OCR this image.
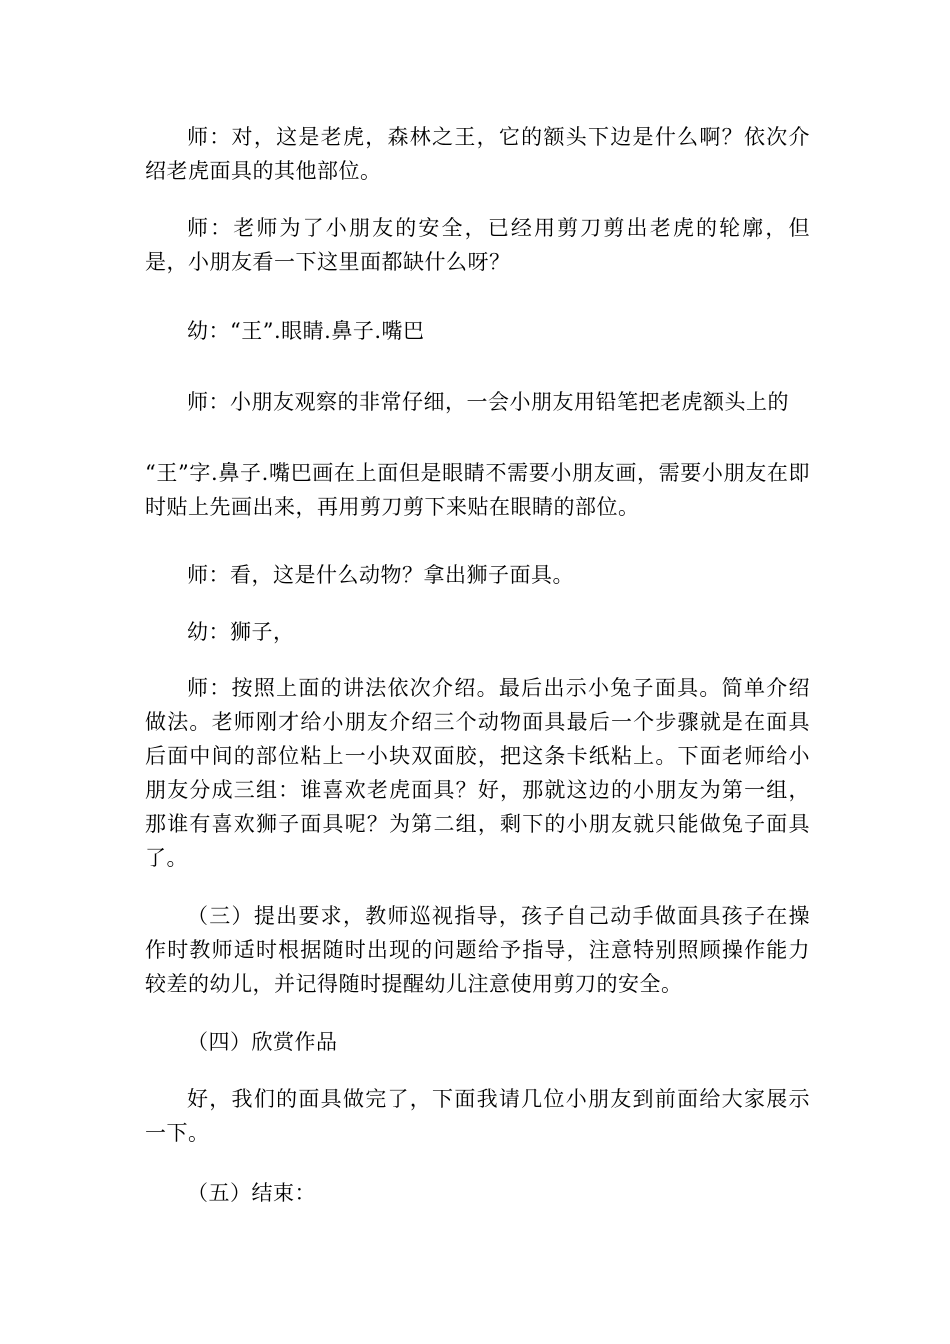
师：对，这是老虎，森林之王，它的额头下边是什么啊？依次介绍老虎面具的其他部位。

师：老师为了小朋友的安全，已经用剪刀剪出老虎的轮廓，但是，小朋友看一下这里面都缺什么呀？

幼：“王”.眼睛.鼻子.嘴巴

师：小朋友观察的非常仔细，一会小朋友用铅笔把老虎额头上的

“王”字.鼻子.嘴巴画在上面但是眼睛不需要小朋友画，需要小朋友在即时贴上先画出来，再用剪刀剪下来贴在眼睛的部位。

师：看，这是什么动物？拿出狮子面具。

幼：狮子，

师：按照上面的讲法依次介绍。最后出示小兔子面具。简单介绍做法。老师刚才给小朋友介绍三个动物面具最后一个步骤就是在面具后面中间的部位粘上一小块双面胶，把这条卡纸粘上。下面老师给小朋友分成三组：谁喜欢老虎面具？好，那就这边的小朋友为第一组，那谁有喜欢狮子面具呢？为第二组，剩下的小朋友就只能做兔子面具了。

（三）提出要求，教师巡视指导，孩子自己动手做面具孩子在操作时教师适时根据随时出现的问题给予指导，注意特别照顾操作能力较差的幼儿，并记得随时提醒幼儿注意使用剪刀的安全。

（四）欣赏作品

好，我们的面具做完了，下面我请几位小朋友到前面给大家展示一下。

（五）结束：
